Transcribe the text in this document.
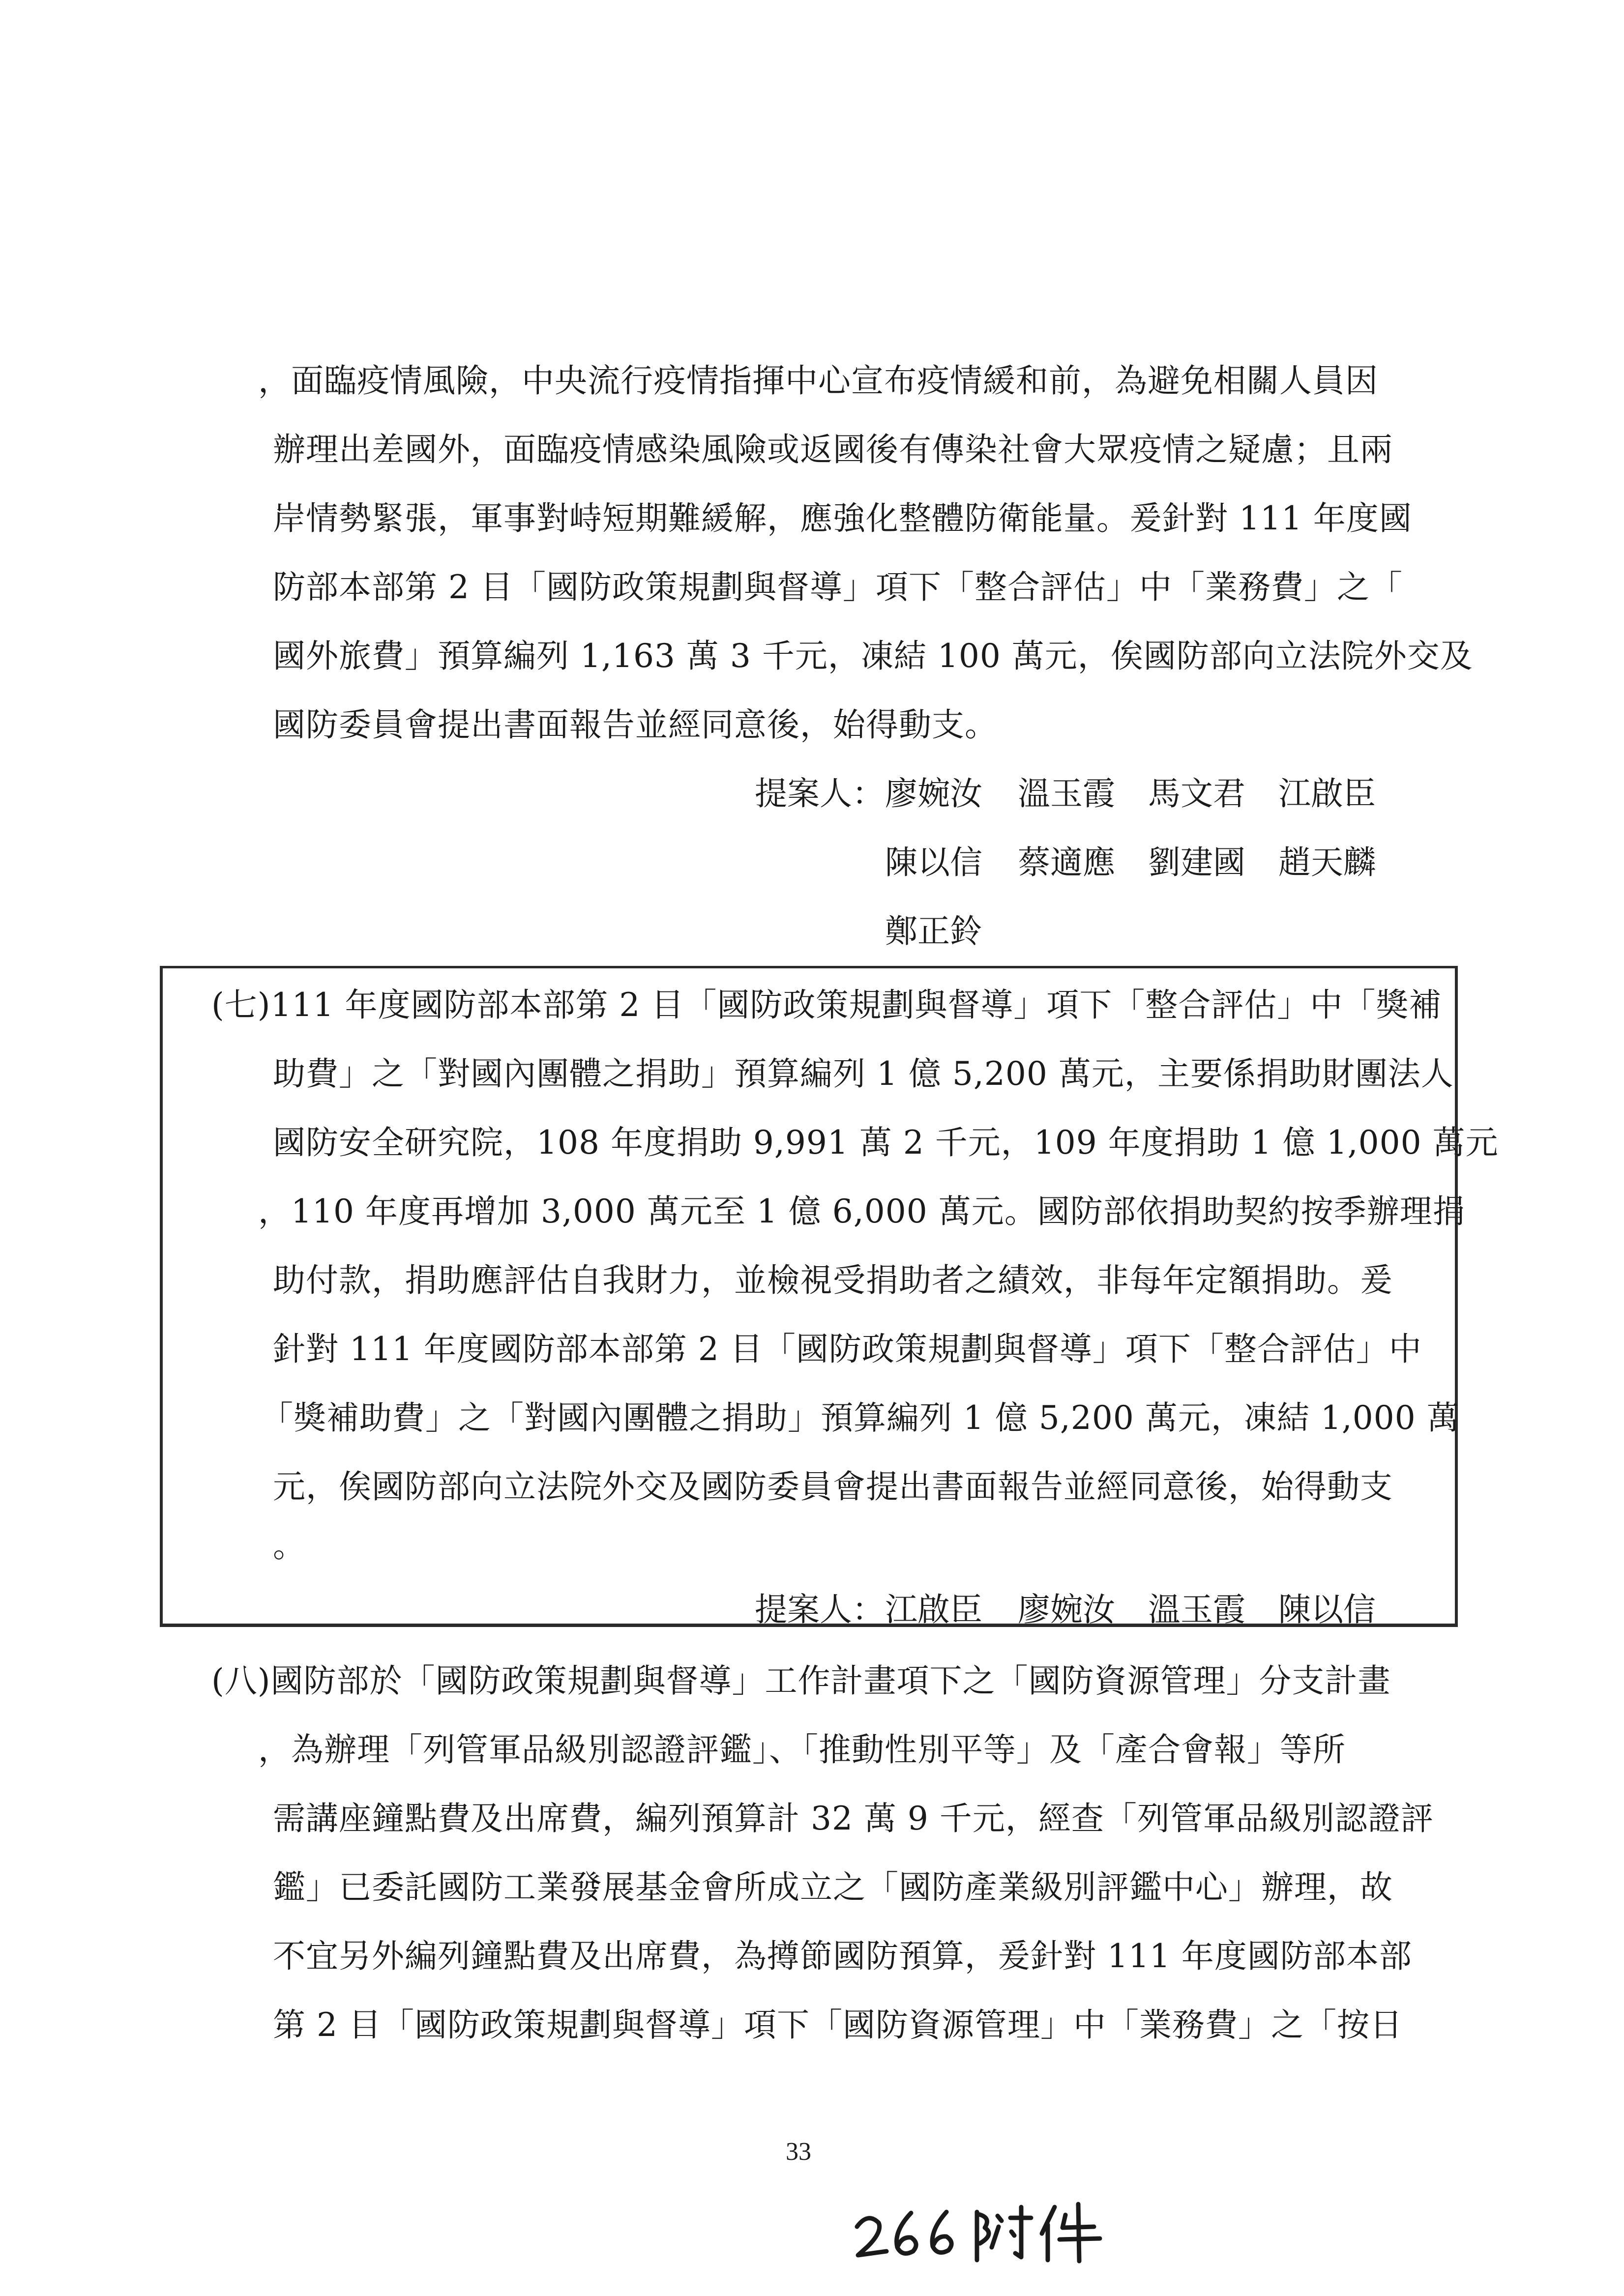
，面臨疫情風險，中央流行疫情指揮中心宣布疫情緩和前，為避免相關人員因
辦理出差國外，面臨疫情感染風險或返國後有傳染社會大眾疫情之疑慮；且兩
岸情勢緊張，軍事對峙短期難緩解，應強化整體防衛能量。爰針對 111 年度國
防部本部第 2 目「國防政策規劃與督導」項下「整合評估」中「業務費」之「
國外旅費」預算編列 1,163 萬 3 千元，凍結 100 萬元，俟國防部向立法院外交及
國防委員會提出書面報告並經同意後，始得動支。
提案人： 廖婉汝 溫玉霞 馬文君 江啟臣
陳以信 蔡適應 劉建國 趙天麟
鄭正鈴
(七)111 年度國防部本部第 2 目「國防政策規劃與督導」項下「整合評估」中「獎補
助費」之「對國內團體之捐助」預算編列 1 億 5,200 萬元，主要係捐助財團法人
國防安全研究院，108 年度捐助 9,991 萬 2 千元，109 年度捐助 1 億 1,000 萬元
，110 年度再增加 3,000 萬元至 1 億 6,000 萬元。國防部依捐助契約按季辦理捐
助付款，捐助應評估自我財力，並檢視受捐助者之績效，非每年定額捐助。爰
針對 111 年度國防部本部第 2 目「國防政策規劃與督導」項下「整合評估」中
「獎補助費」之「對國內團體之捐助」預算編列 1 億 5,200 萬元，凍結 1,000 萬
元，俟國防部向立法院外交及國防委員會提出書面報告並經同意後，始得動支
。
提案人： 江啟臣 廖婉汝 溫玉霞 陳以信
(八)國防部於「國防政策規劃與督導」工作計畫項下之「國防資源管理」分支計畫
，為辦理「列管軍品級別認證評鑑」、「推動性別平等」及「產合會報」等所
需講座鐘點費及出席費，編列預算計 32 萬 9 千元，經查「列管軍品級別認證評
鑑」已委託國防工業發展基金會所成立之「國防產業級別評鑑中心」辦理，故
不宜另外編列鐘點費及出席費，為撙節國防預算，爰針對 111 年度國防部本部
第 2 目「國防政策規劃與督導」項下「國防資源管理」中「業務費」之「按日
33
